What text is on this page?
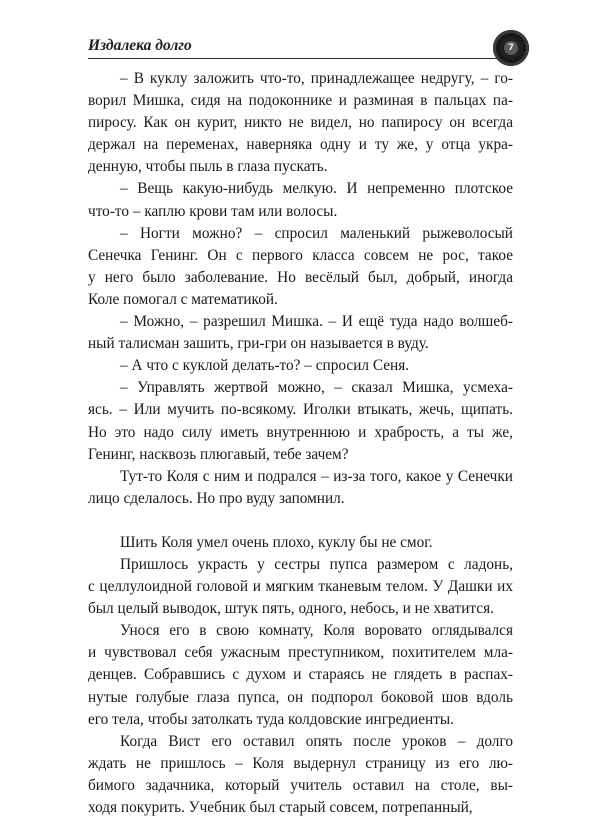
Издалека долго	7

– В куклу заложить что-то, принадлежащее недругу, – го-
ворил Мишка, сидя на подоконнике и разминая в пальцах па-
пиросу. Как он курит, никто не видел, но папиросу он всегда
держал на переменах, наверняка одну и ту же, у отца укра-
денную, чтобы пыль в глаза пускать.

– Вещь какую-нибудь мелкую. И непременно плотское
что-то – каплю крови там или волосы.

– Ногти можно? – спросил маленький рыжеволосый
Сенечка Генинг. Он с первого класса совсем не рос, такое
у него было заболевание. Но весёлый был, добрый, иногда
Коле помогал с математикой.

– Можно, – разрешил Мишка. – И ещё туда надо волшеб-
ный талисман зашить, гри-гри он называется в вуду.

– А что с куклой делать-то? – спросил Сеня.

– Управлять жертвой можно, – сказал Мишка, усмеха-
ясь. – Или мучить по-всякому. Иголки втыкать, жечь, щипать.
Но это надо силу иметь внутреннюю и храбрость, а ты же,
Генинг, насквозь плюгавый, тебе зачем?

Тут-то Коля с ним и подрался – из-за того, какое у Сенечки
лицо сделалось. Но про вуду запомнил.

Шить Коля умел очень плохо, куклу бы не смог.

Пришлось украсть у сестры пупса размером с ладонь,
с целлулоидной головой и мягким тканевым телом. У Дашки их
был целый выводок, штук пять, одного, небось, и не хватится.

Унося его в свою комнату, Коля воровато оглядывался
и чувствовал себя ужасным преступником, похитителем мла-
денцев. Собравшись с духом и стараясь не глядеть в распах-
нутые голубые глаза пупса, он подпорол боковой шов вдоль
его тела, чтобы затолкать туда колдовские ингредиенты.

Когда Вист его оставил опять после уроков – долго
ждать не пришлось – Коля выдернул страницу из его лю-
бимого задачника, который учитель оставил на столе, вы-
ходя покурить. Учебник был старый совсем, потрепанный,
